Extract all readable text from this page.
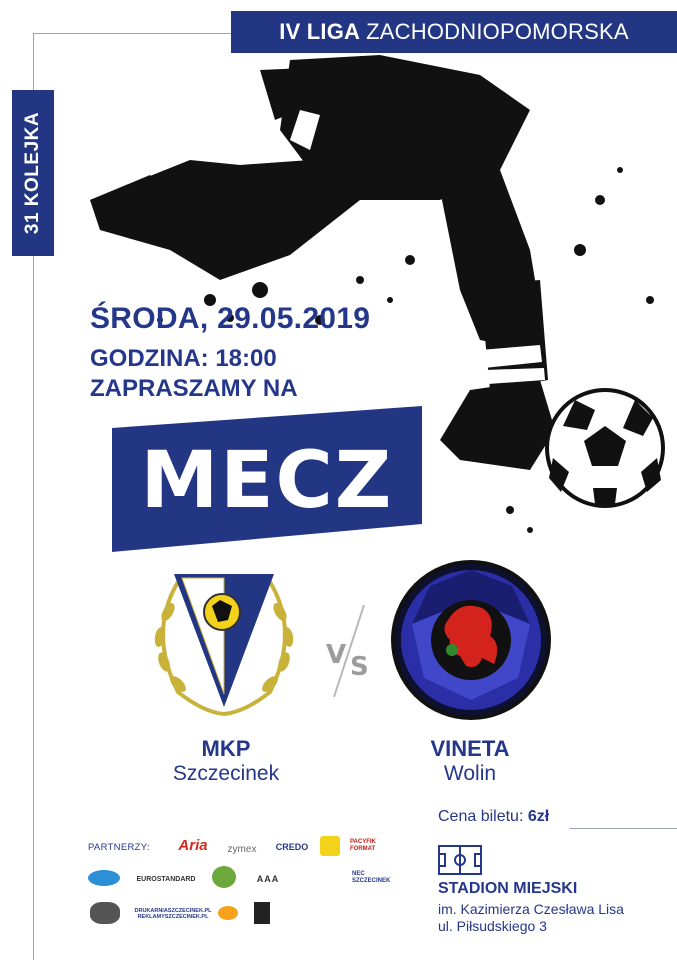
IV LIGA ZACHODNIOPOMORSKA
31 KOLEJKA
ŚRODA, 29.05.2019
GODZINA: 18:00
ZAPRASZAMY NA
MECZ
V S
MKP
Szczecinek
VINETA
Wolin
Cena biletu: 6zł
STADION MIEJSKI
im. Kazimierza Czesława Lisa
ul. Piłsudskiego 3
PARTNERZY:	Aria	zymex	CREDO	PACYFIK FORMAT
EUROSTANDARD	AAA	NEC SZCZECINEK
DRUKARNIASZCZECINEK.PL
REKLAMYSZCZECINEK.PL
